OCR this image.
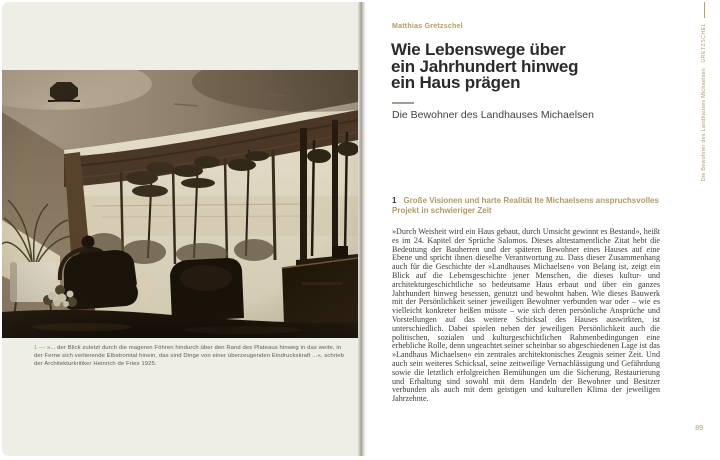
1 — »... der Blick zuletzt durch die mageren Föhren hindurch über den Rand des Plateaus hinweg in das weite, in der Ferne sich verlierende Elbstromtal hinein, das sind Dinge von einer überzeugenden Eindruckskraft ...«, schrieb der Architekturkritiker Heinrich de Fries 1925.
Matthias Gretzschel
Wie Lebenswege über
ein Jahrhundert hinweg
ein Haus prägen
Die Bewohner des Landhauses Michaelsen
1 Große Visionen und harte Realität Ite Michaelsens anspruchsvolles Projekt in schwieriger Zeit

»Durch Weisheit wird ein Haus gebaut, durch Umsicht gewinnt es Bestand«, heißt es im 24. Kapitel der Sprüche Salomos. Dieses alttestamentliche Zitat hebt die Bedeutung der Bauherren und der späteren Bewohner eines Hauses auf eine Ebene und spricht ihnen dieselbe Verantwortung zu. Dass dieser Zusammenhang auch für die Geschichte der »Landhauses Michaelsen« von Belang ist, zeigt ein Blick auf die Lebensgeschichte jener Menschen, die dieses kultur- und architekturgeschichtliche so bedeutsame Haus erbaut und über ein ganzes Jahrhundert hinweg besessen, genutzt und bewohnt haben. Wie dieses Bauwerk mit der Persönlichkeit seiner jeweiligen Bewohner verbunden war oder – wie es vielleicht konkreter heißen müsste – wie sich deren persönliche Ansprüche und Vorstellungen auf das weitere Schicksal des Hauses auswirkten, ist unterschiedlich. Dabei spielen neben der jeweiligen Persönlichkeit auch die politischen, sozialen und kulturgeschichtlichen Rahmenbedingungen eine erhebliche Rolle, denn ungeachtet seiner scheinbar so abgeschiedenen Lage ist das »Landhaus Michaelsen« ein zentrales architektonisches Zeugnis seiner Zeit. Und auch sein weiteres Schicksal, seine zeitweilige Vernachlässigung und Gefährdung sowie die letztlich erfolgreichen Bemühungen um die Sicherung, Restaurierung und Erhaltung sind sowohl mit dem Handeln der Bewohner und Besitzer verbunden als auch mit dem geistigen und kulturellen Klima der jeweiligen Jahrzehnte.

Die Bewohner des Landhauses Michaelsen   GRETZSCHEL
89
